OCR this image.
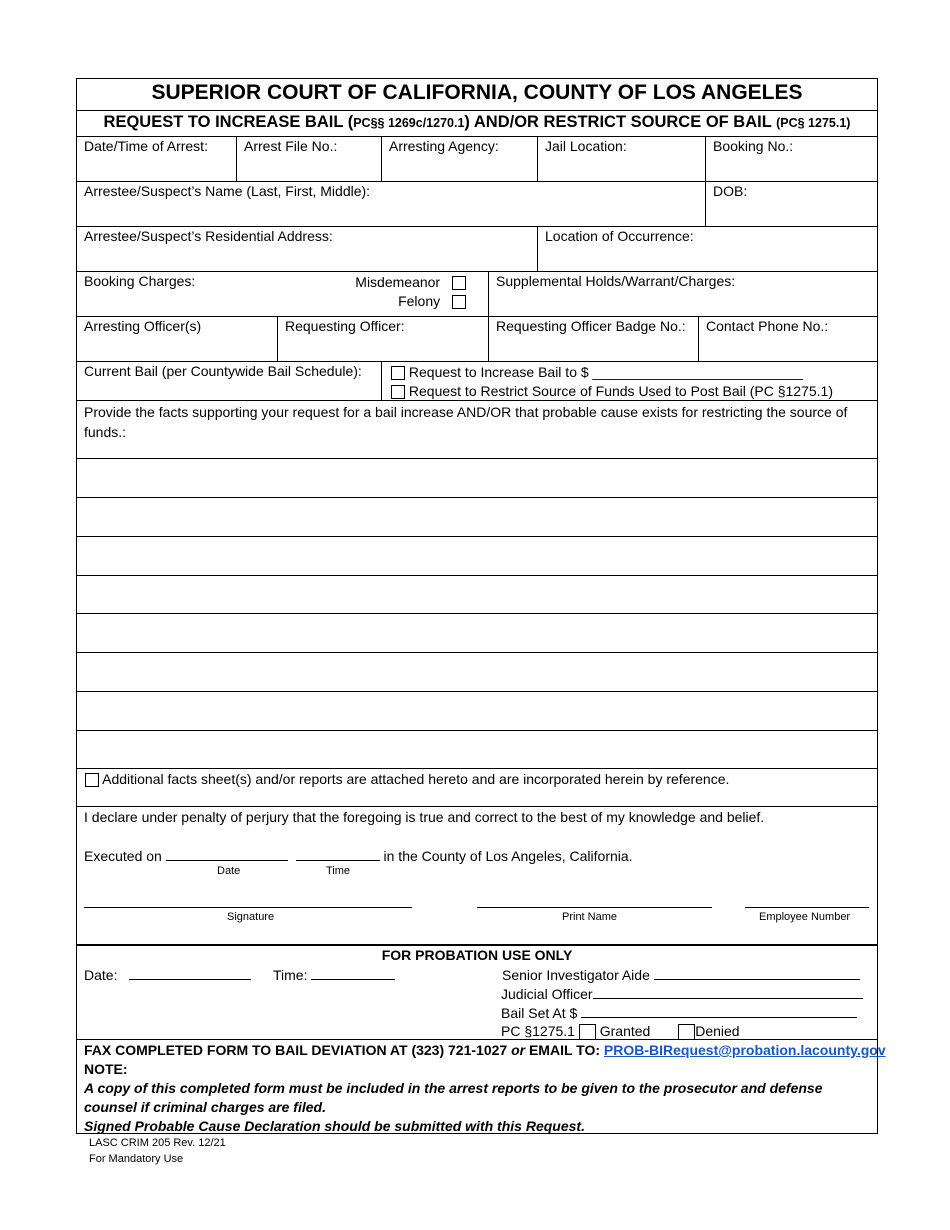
SUPERIOR COURT OF CALIFORNIA, COUNTY OF LOS ANGELES
REQUEST TO INCREASE BAIL (PC§§ 1269c/1270.1) AND/OR RESTRICT SOURCE OF BAIL (PC§ 1275.1)
Date/Time of Arrest:	Arrest File No.:	Arresting Agency:	Jail Location:	Booking No.:
Arrestee/Suspect’s Name (Last, First, Middle):	DOB:
Arrestee/Suspect’s Residential Address:	Location of Occurrence:
Booking Charges:	Misdemeanor
Felony
Supplemental Holds/Warrant/Charges:
Arresting Officer(s)	Requesting Officer:	Requesting Officer Badge No.:	Contact Phone No.:
Current Bail (per Countywide Bail Schedule):	Request to Increase Bail to $ ___________________________
Request to Restrict Source of Funds Used to Post Bail (PC §1275.1)
Provide the facts supporting your request for a bail increase AND/OR that probable cause exists for restricting the source of funds.:
Additional facts sheet(s) and/or reports are attached hereto and are incorporated herein by reference.
I declare under penalty of perjury that the foregoing is true and correct to the best of my knowledge and belief.
Executed on	in the County of Los Angeles, California.
Date	Time
Signature	Print Name	Employee Number
FOR PROBATION USE ONLY
Date:	Time:	Senior Investigator Aide
Judicial Officer
Bail Set At $
PC §1275.1 Granted	Denied
FAX COMPLETED FORM TO BAIL DEVIATION AT (323) 721-1027 or EMAIL TO: PROB-BIRequest@probation.lacounty.gov
NOTE:
A copy of this completed form must be included in the arrest reports to be given to the prosecutor and defense counsel if criminal charges are filed.
Signed Probable Cause Declaration should be submitted with this Request.
LASC CRIM 205 Rev. 12/21
For Mandatory Use
